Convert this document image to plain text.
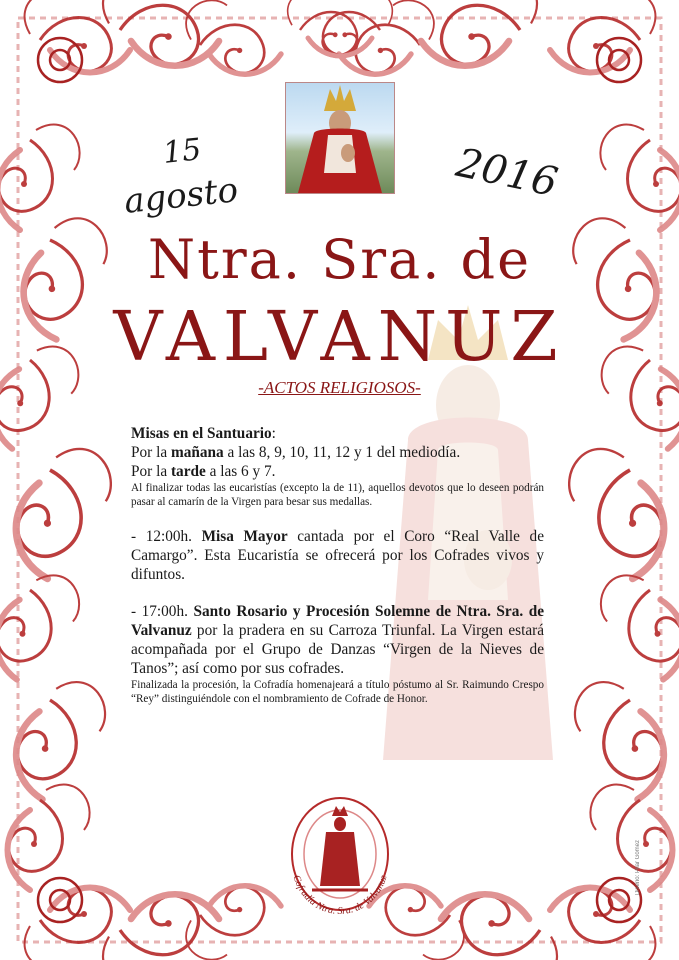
15
agosto	2016
Ntra. Sra. de
VALVANUZ
-ACTOS RELIGIOSOS-

Misas en el Santuario:

Por la mañana a las 8, 9, 10, 11, 12 y 1 del mediodía.

Por la tarde a las 6 y 7.

Al finalizar todas las eucaristías (excepto la de 11), aquellos devotos que lo deseen podrán pasar al camarín de la Virgen para besar sus medallas.

- 12:00h. Misa Mayor cantada por el Coro “Real Valle de Camargo”. Esta Eucaristía se ofrecerá por los Cofrades vivos y difuntos.

- 17:00h. Santo Rosario y Procesión Solemne de Ntra. Sra. de Valvanuz por la pradera en su Carroza Triunfal. La Virgen estará acompañada por el Grupo de Danzas “Virgen de la Nieves de Tanos”; así como por sus cofrades.

Finalizada la procesión, la Cofradía homenajeará a título póstumo al Sr. Raimundo Crespo “Rey” distinguiéndole con el nombramiento de Cofrade de Honor.

Cofradía Ntra. Sra. de Valvanuz	Diseño: Pilar Gómez
